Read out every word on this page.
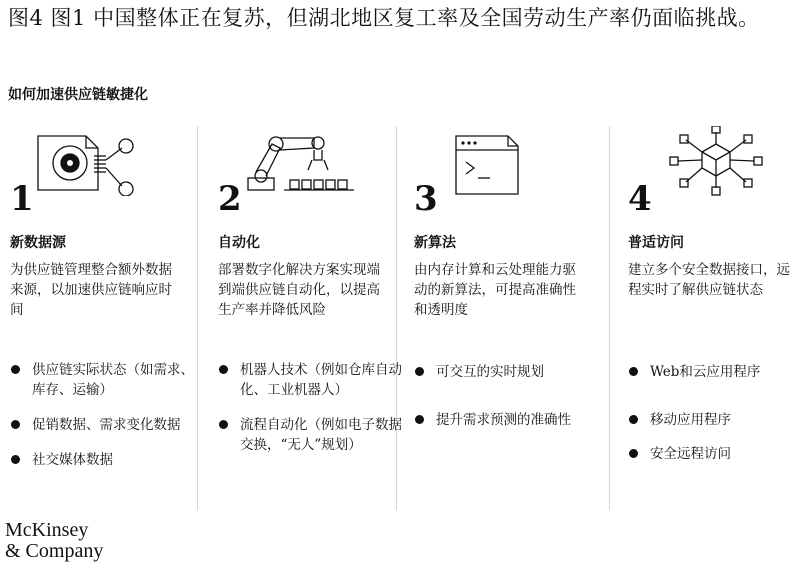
图4 图1 中国整体正在复苏，但湖北地区复工率及全国劳动生产率仍面临挑战。
如何加速供应链敏捷化
1
新数据源
为供应链管理整合额外数据来源，以加速供应链响应时间
供应链实际状态（如需求、库存、运输）
促销数据、需求变化数据
社交媒体数据
2
自动化
部署数字化解决方案实现端到端供应链自动化，以提高生产率并降低风险
机器人技术（例如仓库自动化、工业机器人）
流程自动化（例如电子数据交换，“无人”规划）
3
新算法
由内存计算和云处理能力驱动的新算法，可提高准确性和透明度
可交互的实时规划
提升需求预测的准确性
4
普适访问
建立多个安全数据接口，远程实时了解供应链状态
Web和云应用程序
移动应用程序
安全远程访问
McKinsey
& Company
